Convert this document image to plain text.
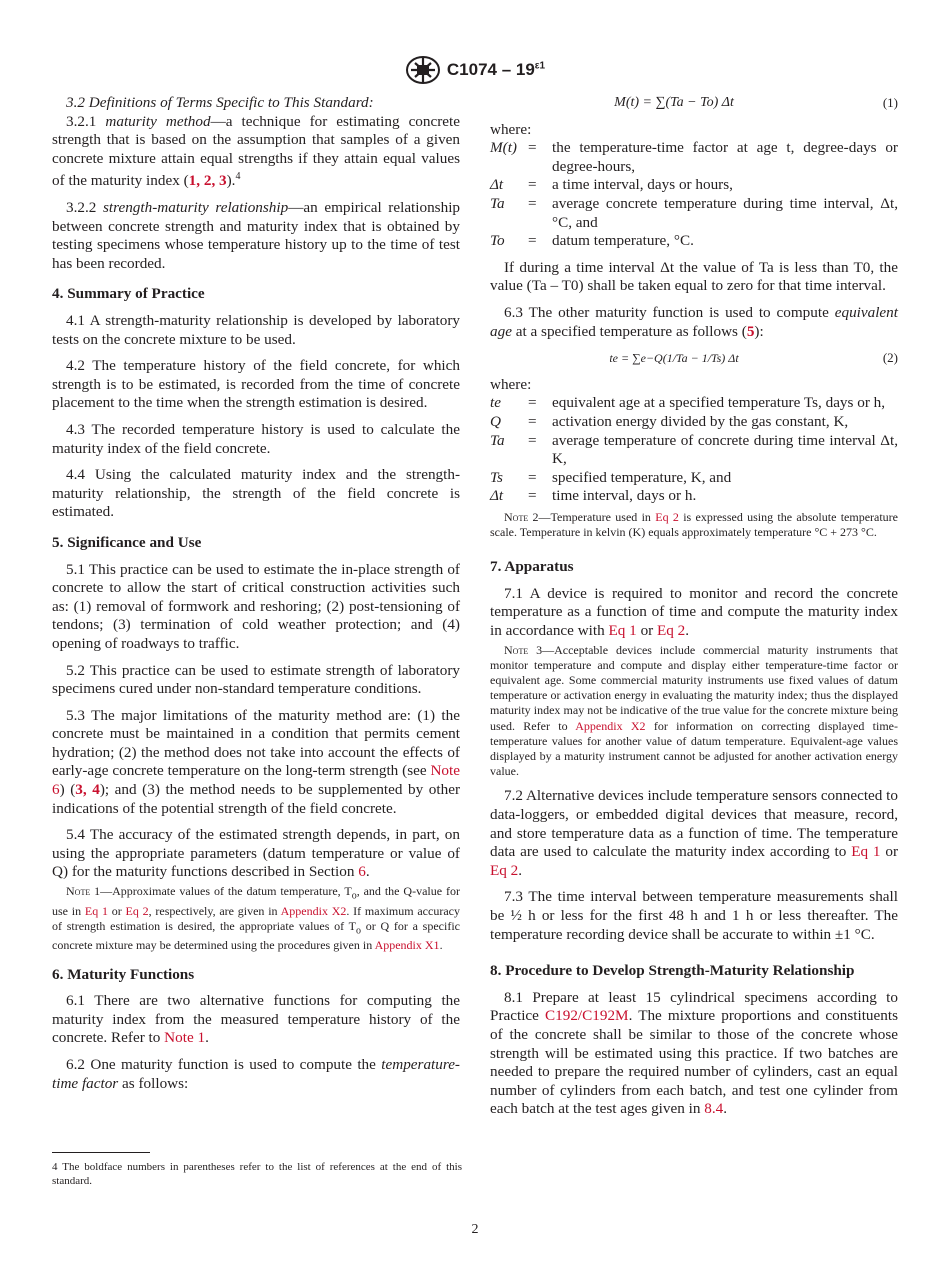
$C1074 - 19^{\varepsilon 1}$

3.2 Definitions of Terms Specific to This Standard:

3.2.1 maturity method—a technique for estimating concrete strength that is based on the assumption that samples of a given concrete mixture attain equal strengths if they attain equal values of the maturity index (1, 2, 3).$^4$

3.2.2 strength-maturity relationship—an empirical relationship between concrete strength and maturity index that is obtained by testing specimens whose temperature history up to the time of test has been recorded.

4. Summary of Practice

4.1 A strength-maturity relationship is developed by laboratory tests on the concrete mixture to be used.

4.2 The temperature history of the field concrete, for which strength is to be estimated, is recorded from the time of concrete placement to the time when the strength estimation is desired.

4.3 The recorded temperature history is used to calculate the maturity index of the field concrete.

4.4 Using the calculated maturity index and the strength-maturity relationship, the strength of the field concrete is estimated.

5. Significance and Use

5.1 This practice can be used to estimate the in-place strength of concrete to allow the start of critical construction activities such as: (1) removal of formwork and reshoring; (2) post-tensioning of tendons; (3) termination of cold weather protection; and (4) opening of roadways to traffic.

5.2 This practice can be used to estimate strength of laboratory specimens cured under non-standard temperature conditions.

5.3 The major limitations of the maturity method are: (1) the concrete must be maintained in a condition that permits cement hydration; (2) the method does not take into account the effects of early-age concrete temperature on the long-term strength (see Note 6) (3, 4); and (3) the method needs to be supplemented by other indications of the potential strength of the field concrete.

5.4 The accuracy of the estimated strength depends, in part, on using the appropriate parameters (datum temperature or value of Q) for the maturity functions described in Section 6.

Note 1—Approximate values of the datum temperature, $T_o$, and the Q-value for use in Eq 1 or Eq 2, respectively, are given in Appendix X2. If maximum accuracy of strength estimation is desired, the appropriate values of $T_o$ or Q for a specific concrete mixture may be determined using the procedures given in Appendix X1.

6. Maturity Functions

6.1 There are two alternative functions for computing the maturity index from the measured temperature history of the concrete. Refer to Note 1.

6.2 One maturity function is used to compute the temperature-time factor as follows:

4 The boldface numbers in parentheses refer to the list of references at the end of this standard.
M(t) = ∑(Ta − To) Δt	(1)

where:

M(t) =	the temperature-time factor at age t, degree-days or degree-hours,
Δt	=	a time interval, days or hours,
Ta	=	average concrete temperature during time interval, Δt, °C, and
To	=	datum temperature, °C.

If during a time interval Δt the value of Ta is less than T0, the value (Ta – T0) shall be taken equal to zero for that time interval.

6.3 The other maturity function is used to compute equivalent age at a specified temperature as follows (5):

te = ∑e−Q(1/Ta − 1/Ts) Δt	(2)

where:

te	=	equivalent age at a specified temperature Ts, days or h,
Q	=	activation energy divided by the gas constant, K,
Ta	=	average temperature of concrete during time interval Δt, K,
Ts	=	specified temperature, K, and
Δt	=	time interval, days or h.

Note 2—Temperature used in Eq 2 is expressed using the absolute temperature scale. Temperature in kelvin (K) equals approximately temperature °C + 273 °C.

7. Apparatus

7.1 A device is required to monitor and record the concrete temperature as a function of time and compute the maturity index in accordance with Eq 1 or Eq 2.

Note 3—Acceptable devices include commercial maturity instruments that monitor temperature and compute and display either temperature-time factor or equivalent age. Some commercial maturity instruments use fixed values of datum temperature or activation energy in evaluating the maturity index; thus the displayed maturity index may not be indicative of the true value for the concrete mixture being used. Refer to Appendix X2 for information on correcting displayed time-temperature values for another value of datum temperature. Equivalent-age values displayed by a maturity instrument cannot be adjusted for another activation energy value.

7.2 Alternative devices include temperature sensors connected to data-loggers, or embedded digital devices that measure, record, and store temperature data as a function of time. The temperature data are used to calculate the maturity index according to Eq 1 or Eq 2.

7.3 The time interval between temperature measurements shall be ½ h or less for the first 48 h and 1 h or less thereafter. The temperature recording device shall be accurate to within ±1 °C.

8. Procedure to Develop Strength-Maturity Relationship

8.1 Prepare at least 15 cylindrical specimens according to Practice C192/C192M. The mixture proportions and constituents of the concrete shall be similar to those of the concrete whose strength will be estimated using this practice. If two batches are needed to prepare the required number of cylinders, cast an equal number of cylinders from each batch, and test one cylinder from each batch at the test ages given in 8.4.

2
